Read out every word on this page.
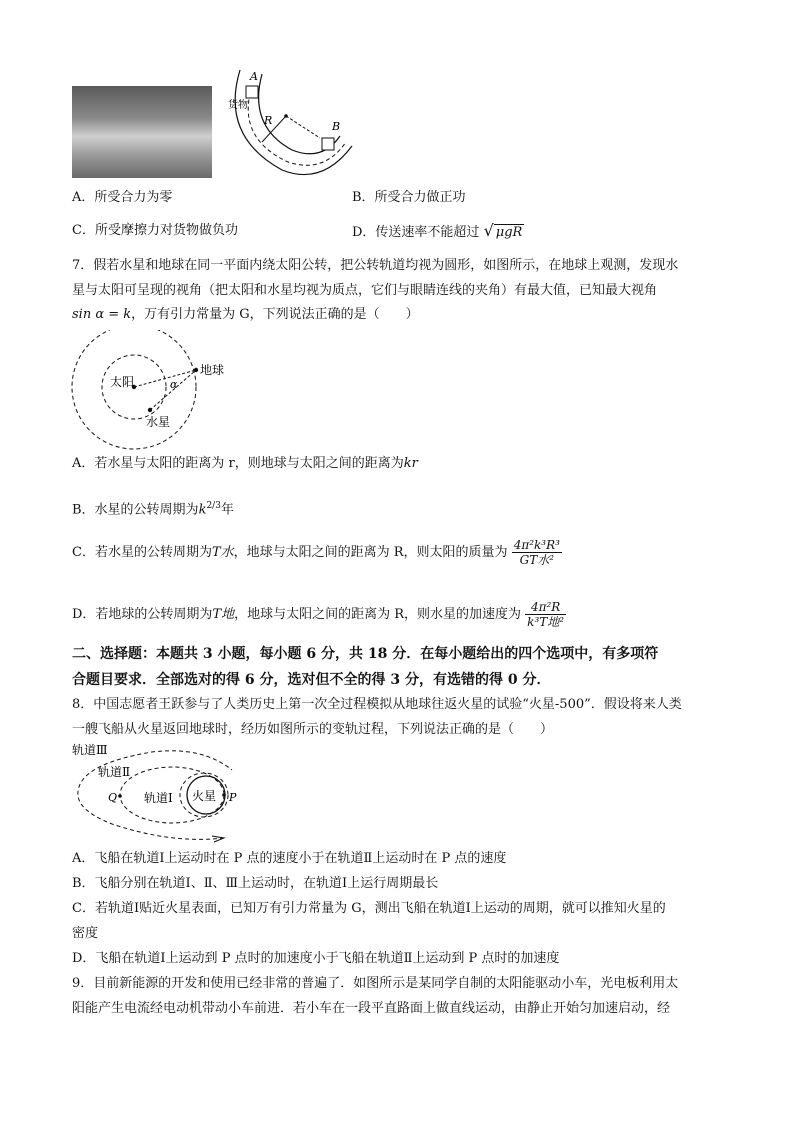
A
B
R
货物
A．所受合力为零	B．所受合力做正功
C．所受摩擦力对货物做负功	D．传送速率不能超过 √ μgR
7．假若水星和地球在同一平面内绕太阳公转，把公转轨道均视为圆形，如图所示，在地球上观测，发现水
星与太阳可呈现的视角（把太阳和水星均视为质点，它们与眼睛连线的夹角）有最大值，已知最大视角
sin α = k，万有引力常量为 G，下列说法正确的是（　　）
太阳
地球
水星
α
A．若水星与太阳的距离为 r，则地球与太阳之间的距离为kr
B．水星的公转周期为$k^{2/3}$年
C．若水星的公转周期为T水，地球与太阳之间的距离为 R，则太阳的质量为 $\frac{\text{4π²k³R³}}{\text{GT水²}}$
D．若地球的公转周期为T地，地球与太阳之间的距离为 R，则水星的加速度为 $\frac{\text{4π²R}}{\text{k³T地²}}$
二、选择题：本题共 3 小题，每小题 6 分，共 18 分．在每小题给出的四个选项中，有多项符
合题目要求．全部选对的得 6 分，选对但不全的得 3 分，有选错的得 0 分．
8．中国志愿者王跃参与了人类历史上第一次全过程模拟从地球往返火星的试验“火星-500”．假设将来人类
一艘飞船从火星返回地球时，经历如图所示的变轨过程，下列说法正确的是（　　）
轨道Ⅲ
轨道Ⅱ
轨道Ⅰ 火星
Q	P
A．飞船在轨道Ⅰ上运动时在 P 点的速度小于在轨道Ⅱ上运动时在 P 点的速度
B．飞船分别在轨道Ⅰ、Ⅱ、Ⅲ上运动时，在轨道Ⅰ上运行周期最长
C．若轨道Ⅰ贴近火星表面，已知万有引力常量为 G，测出飞船在轨道Ⅰ上运动的周期，就可以推知火星的
密度
D．飞船在轨道Ⅰ上运动到 P 点时的加速度小于飞船在轨道Ⅱ上运动到 P 点时的加速度
9．目前新能源的开发和使用已经非常的普遍了．如图所示是某同学自制的太阳能驱动小车，光电板利用太
阳能产生电流经电动机带动小车前进．若小车在一段平直路面上做直线运动，由静止开始匀加速启动，经
